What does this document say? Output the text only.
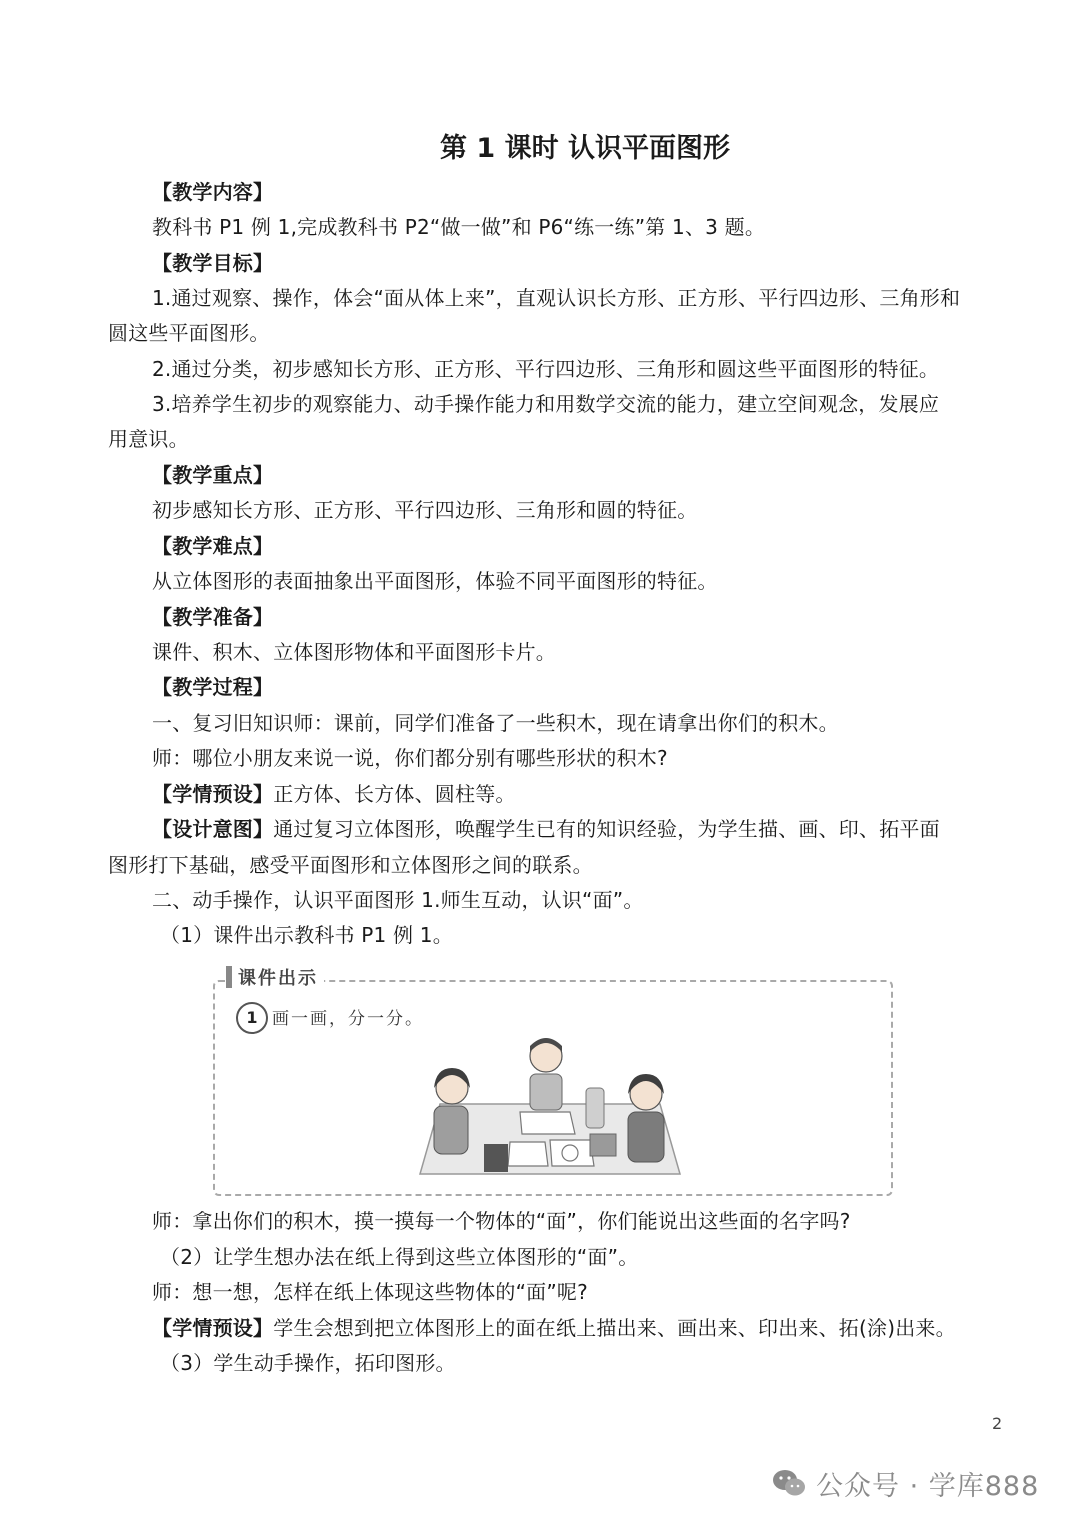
第 1 课时 认识平面图形
【教学内容】
教科书 P1 例 1,完成教科书 P2“做一做”和 P6“练一练”第 1、3 题。
【教学目标】
1.通过观察、操作，体会“面从体上来”，直观认识长方形、正方形、平行四边形、三角形和
圆这些平面图形。
2.通过分类，初步感知长方形、正方形、平行四边形、三角形和圆这些平面图形的特征。
3.培养学生初步的观察能力、动手操作能力和用数学交流的能力，建立空间观念，发展应
用意识。
【教学重点】
初步感知长方形、正方形、平行四边形、三角形和圆的特征。
【教学难点】
从立体图形的表面抽象出平面图形，体验不同平面图形的特征。
【教学准备】
课件、积木、立体图形物体和平面图形卡片。
【教学过程】
一、复习旧知识师：课前，同学们准备了一些积木，现在请拿出你们的积木。
师：哪位小朋友来说一说，你们都分别有哪些形状的积木?
【学情预设】正方体、长方体、圆柱等。
【设计意图】通过复习立体图形，唤醒学生已有的知识经验，为学生描、画、印、拓平面
图形打下基础，感受平面图形和立体图形之间的联系。
二、动手操作，认识平面图形 1.师生互动，认识“面”。
（1）课件出示教科书 P1 例 1。
课件出示
1 画一画，分一分。
师：拿出你们的积木，摸一摸每一个物体的“面”，你们能说出这些面的名字吗?
（2）让学生想办法在纸上得到这些立体图形的“面”。
师：想一想，怎样在纸上体现这些物体的“面”呢?
【学情预设】学生会想到把立体图形上的面在纸上描出来、画出来、印出来、拓(涂)出来。
（3）学生动手操作，拓印图形。
2
公众号 · 学库888
